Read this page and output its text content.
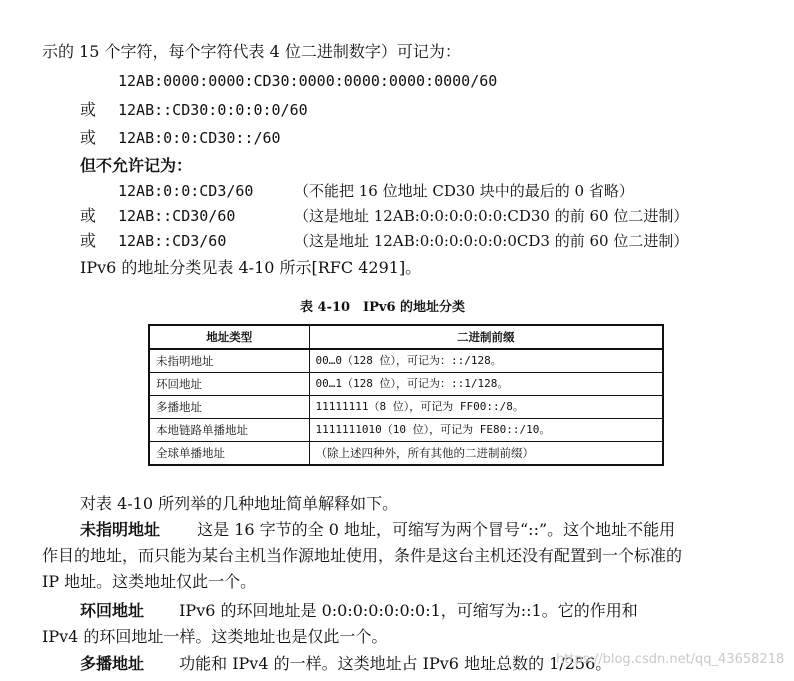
示的 15 个字符，每个字符代表 4 位二进制数字）可记为：
12AB:0000:0000:CD30:0000:0000:0000:0000/60
或 12AB::CD30:0:0:0:0/60
或 12AB:0:0:CD30::/60
但不允许记为：
12AB:0:0:CD3/60	（不能把 16 位地址 CD30 块中的最后的 0 省略）
或 12AB::CD30/60	（这是地址 12AB:0:0:0:0:0:0:CD30 的前 60 位二进制）
或 12AB::CD3/60	（这是地址 12AB:0:0:0:0:0:0:0CD3 的前 60 位二进制）
IPv6 的地址分类见表 4-10 所示[RFC 4291]。
表 4-10　IPv6 的地址分类
地址类型	二进制前缀
未指明地址	00…0（128 位），可记为：::/128。
环回地址	00…1（128 位），可记为：::1/128。
多播地址	11111111（8 位），可记为 FF00::/8。
本地链路单播地址	1111111010（10 位），可记为 FE80::/10。
全球单播地址	（除上述四种外，所有其他的二进制前缀）
对表 4-10 所列举的几种地址简单解释如下。
未指明地址 这是 16 字节的全 0 地址，可缩写为两个冒号“::”。这个地址不能用
作目的地址，而只能为某台主机当作源地址使用，条件是这台主机还没有配置到一个标准的
IP 地址。这类地址仅此一个。
环回地址 IPv6 的环回地址是 0:0:0:0:0:0:0:1，可缩写为::1。它的作用和
IPv4 的环回地址一样。这类地址也是仅此一个。
多播地址 功能和 IPv4 的一样。这类地址占 IPv6 地址总数的 1/256。
https://blog.csdn.net/qq_43658218
